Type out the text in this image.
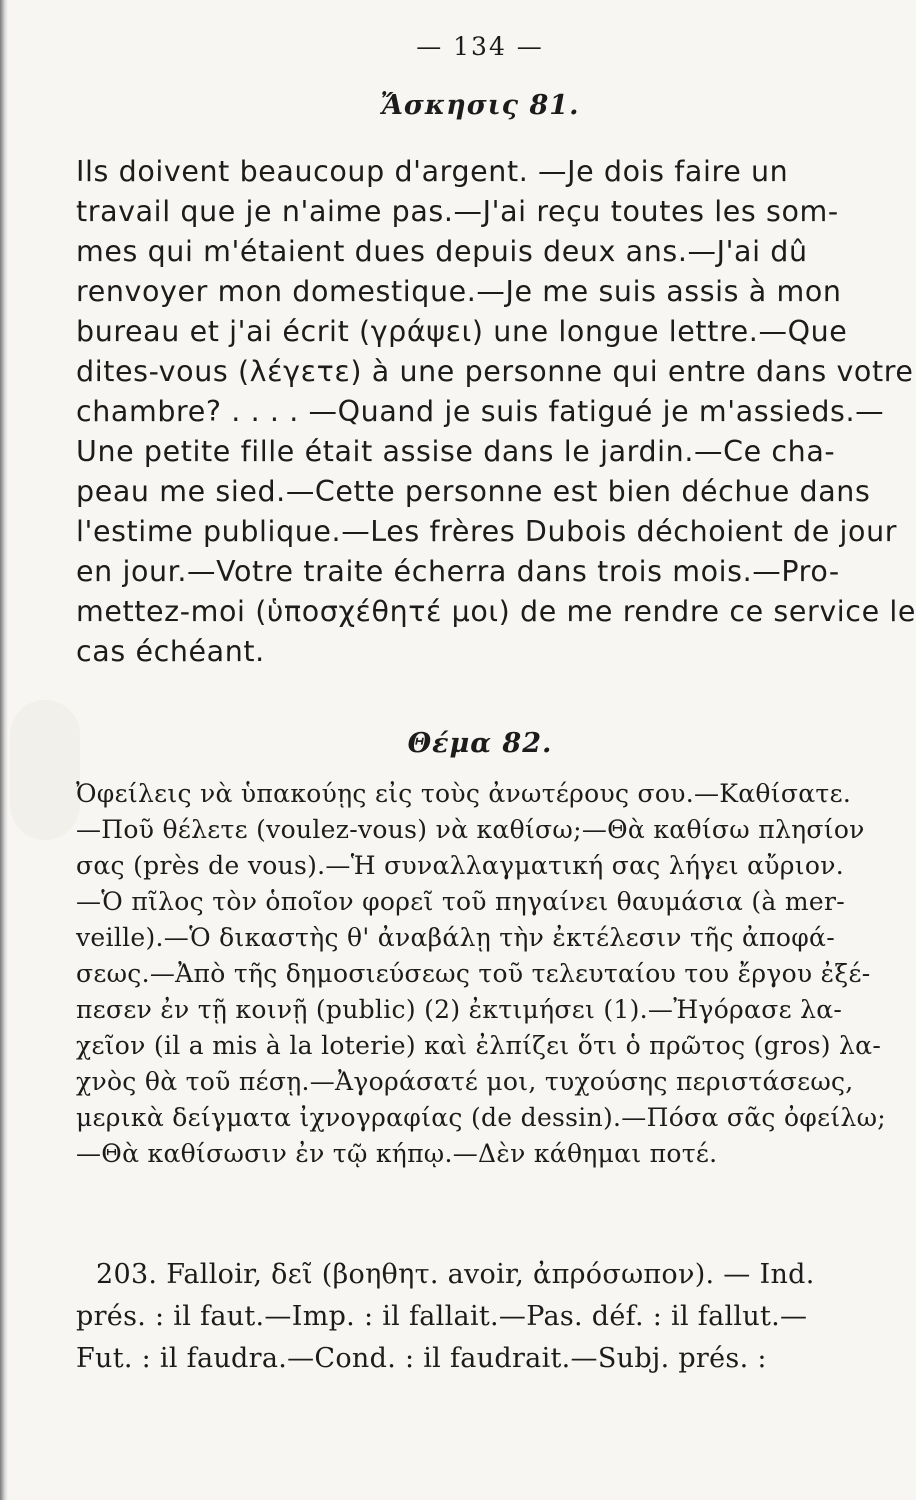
— 134 —
Ἄσκησις 81.
Ils doivent beaucoup d'argent. —Je dois faire un
travail que je n'aime pas.—J'ai reçu toutes les som-
mes qui m'étaient dues depuis deux ans.—J'ai dû
renvoyer mon domestique.—Je me suis assis à mon
bureau et j'ai écrit (γράψει) une longue lettre.—Que
dites-vous (λέγετε) à une personne qui entre dans votre
chambre? . . . . —Quand je suis fatigué je m'assieds.—
Une petite fille était assise dans le jardin.—Ce cha-
peau me sied.—Cette personne est bien déchue dans
l'estime publique.—Les frères Dubois déchoient de jour
en jour.—Votre traite écherra dans trois mois.—Pro-
mettez-moi (ὑποσχέθητέ μοι) de me rendre ce service le
cas échéant.
Θέμα 82.
Ὀφείλεις νὰ ὑπακούῃς εἰς τοὺς ἀνωτέρους σου.—Καθίσατε.
—Ποῦ θέλετε (voulez-vous) νὰ καθίσω;—Θὰ καθίσω πλησίον
σας (près de vous).—Ἡ συναλλαγματική σας λήγει αὔριον.
—Ὁ πῖλος τὸν ὁποῖον φορεῖ τοῦ πηγαίνει θαυμάσια (à mer-
veille).—Ὁ δικαστὴς θ' ἀναβάλῃ τὴν ἐκτέλεσιν τῆς ἀποφά-
σεως.—Ἀπὸ τῆς δημοσιεύσεως τοῦ τελευταίου του ἔργου ἐξέ-
πεσεν ἐν τῇ κοινῇ (public) (2) ἐκτιμήσει (1).—Ἠγόρασε λα-
χεῖον (il a mis à la loterie) καὶ ἐλπίζει ὅτι ὁ πρῶτος (gros) λα-
χνὸς θὰ τοῦ πέσῃ.—Ἀγοράσατέ μοι, τυχούσης περιστάσεως,
μερικὰ δείγματα ἰχνογραφίας (de dessin).—Πόσα σᾶς ὀφείλω;
—Θὰ καθίσωσιν ἐν τῷ κήπῳ.—Δὲν κάθημαι ποτέ.
203. Falloir, δεῖ (βοηθητ. avoir, ἀπρόσωπον). — Ind.
prés. : il faut.—Imp. : il fallait.—Pas. déf. : il fallut.—
Fut. : il faudra.—Cond. : il faudrait.—Subj. prés. :
